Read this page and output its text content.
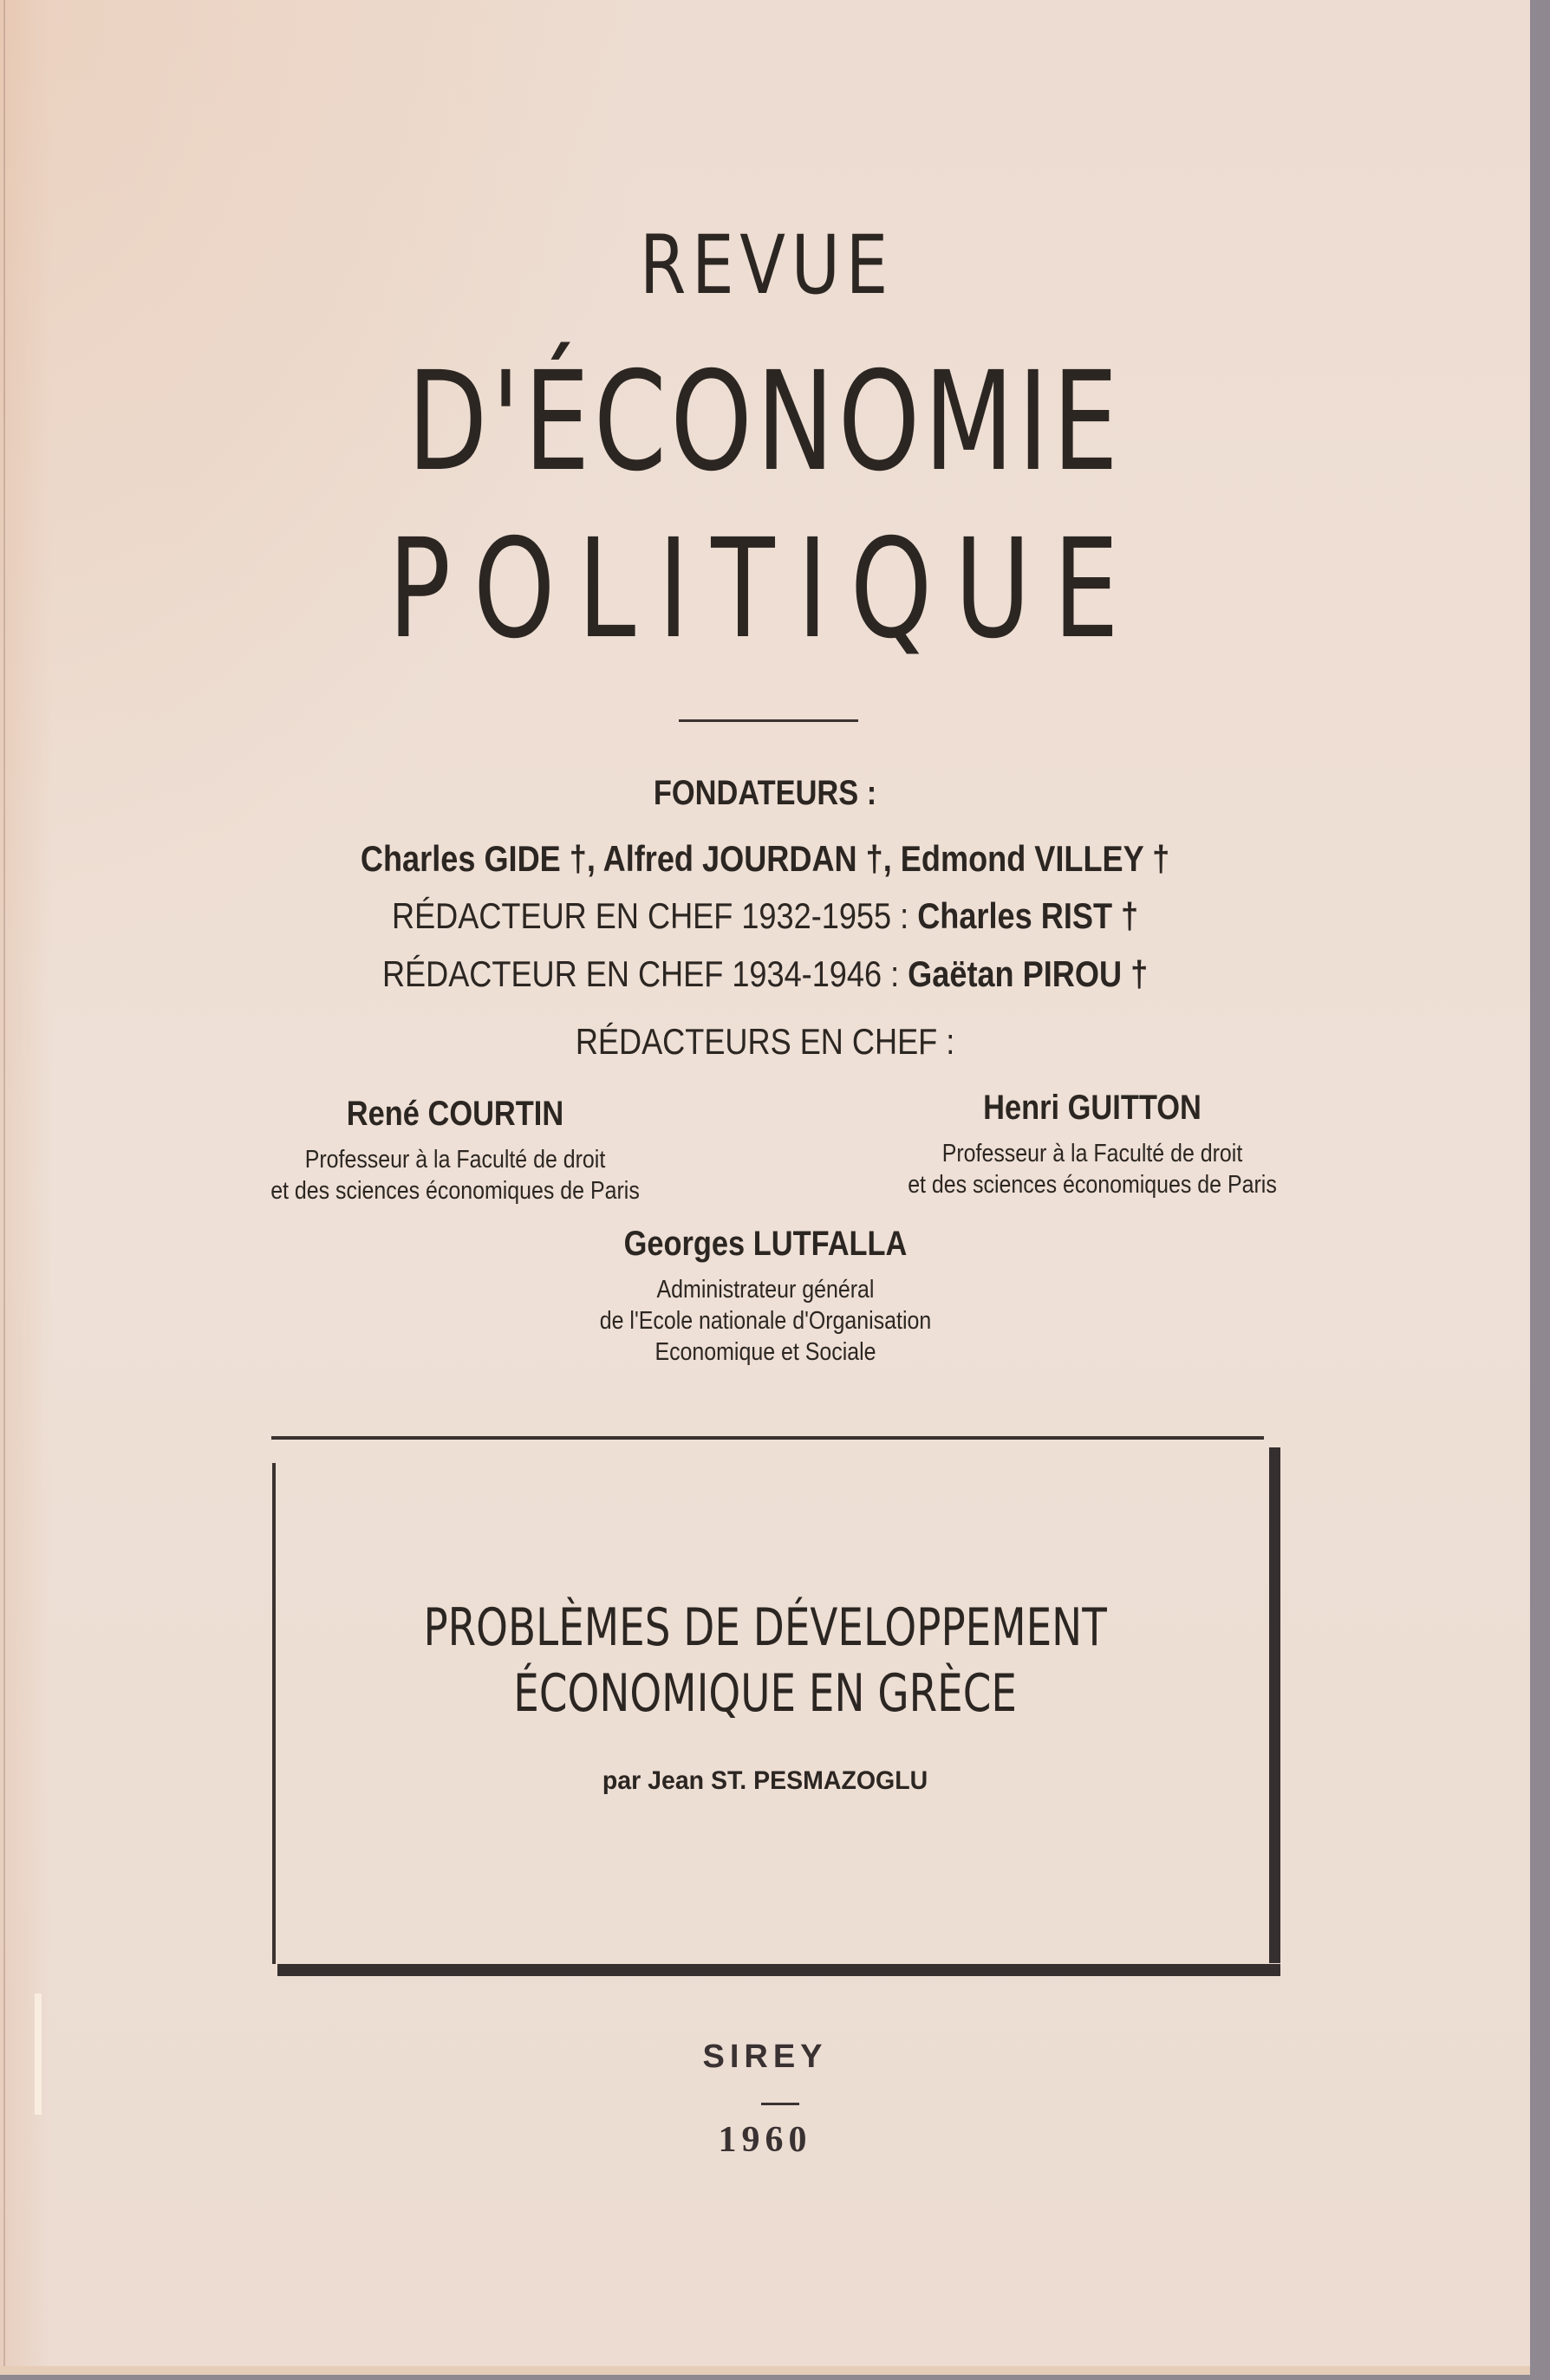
REVUE
D'ÉCONOMIE
POLITIQUE
FONDATEURS :
Charles GIDE †, Alfred JOURDAN †, Edmond VILLEY †
RÉDACTEUR EN CHEF 1932-1955 : Charles RIST †
RÉDACTEUR EN CHEF 1934-1946 : Gaëtan PIROU †
RÉDACTEURS EN CHEF :
René COURTIN
Professeur à la Faculté de droit
et des sciences économiques de Paris
Henri GUITTON
Professeur à la Faculté de droit
et des sciences économiques de Paris
Georges LUTFALLA
Administrateur général
de l'Ecole nationale d'Organisation
Economique et Sociale
PROBLÈMES DE DÉVELOPPEMENT
ÉCONOMIQUE EN GRÈCE
par Jean ST. PESMAZOGLU
SIREY
1960
